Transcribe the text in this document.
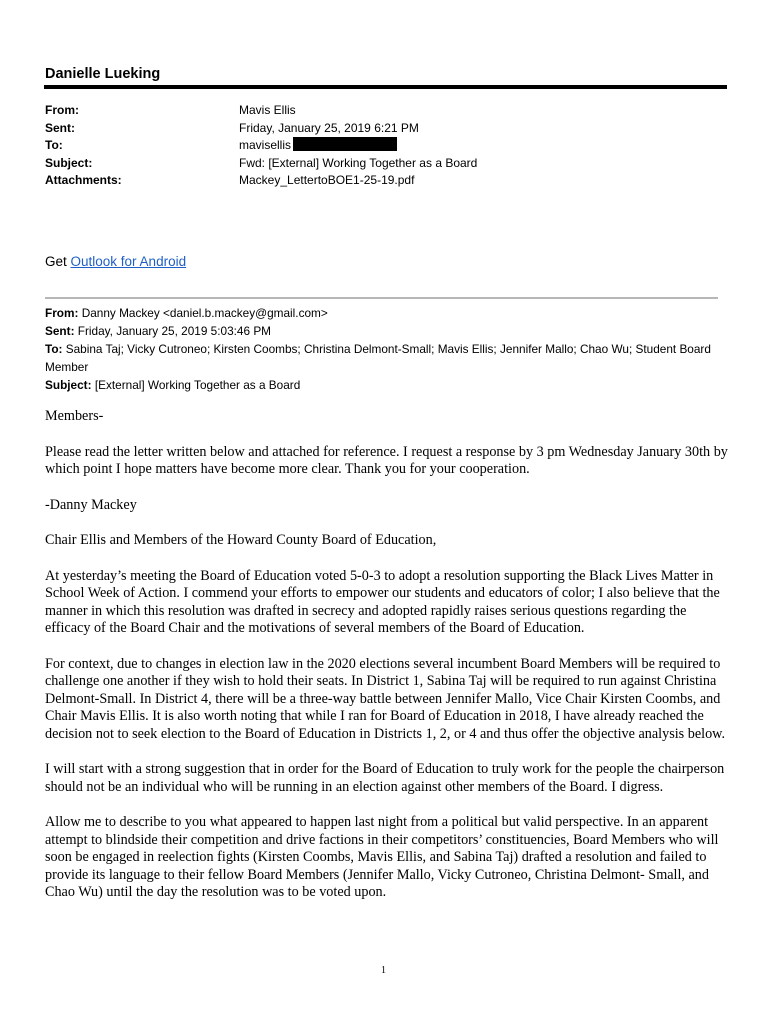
Danielle Lueking
From:	Mavis Ellis
Sent:	Friday, January 25, 2019 6:21 PM
To:	mavisellis
Subject:	Fwd: [External] Working Together as a Board
Attachments:	Mackey_LettertoBOE1-25-19.pdf
Get Outlook for Android
From: Danny Mackey <daniel.b.mackey@gmail.com>
Sent: Friday, January 25, 2019 5:03:46 PM
To: Sabina Taj; Vicky Cutroneo; Kirsten Coombs; Christina Delmont-Small; Mavis Ellis; Jennifer Mallo; Chao Wu; Student Board Member
Subject: [External] Working Together as a Board

Members-

Please read the letter written below and attached for reference. I request a response by 3 pm Wednesday January 30th by which point I hope matters have become more clear. Thank you for your cooperation.

-Danny Mackey

Chair Ellis and Members of the Howard County Board of Education,

At yesterday’s meeting the Board of Education voted 5-0-3 to adopt a resolution supporting the Black Lives Matter in School Week of Action. I commend your efforts to empower our students and educators of color; I also believe that the manner in which this resolution was drafted in secrecy and adopted rapidly raises serious questions regarding the efficacy of the Board Chair and the motivations of several members of the Board of Education.

For context, due to changes in election law in the 2020 elections several incumbent Board Members will be required to challenge one another if they wish to hold their seats. In District 1, Sabina Taj will be required to run against Christina Delmont-Small. In District 4, there will be a three-way battle between Jennifer Mallo, Vice Chair Kirsten Coombs, and Chair Mavis Ellis. It is also worth noting that while I ran for Board of Education in 2018, I have already reached the decision not to seek election to the Board of Education in Districts 1, 2, or 4 and thus offer the objective analysis below.

I will start with a strong suggestion that in order for the Board of Education to truly work for the people the chairperson should not be an individual who will be running in an election against other members of the Board. I digress.

Allow me to describe to you what appeared to happen last night from a political but valid perspective. In an apparent attempt to blindside their competition and drive factions in their competitors’ constituencies, Board Members who will soon be engaged in reelection fights (Kirsten Coombs, Mavis Ellis, and Sabina Taj) drafted a resolution and failed to provide its language to their fellow Board Members (Jennifer Mallo, Vicky Cutroneo, Christina Delmont- Small, and Chao Wu) until the day the resolution was to be voted upon.

1
